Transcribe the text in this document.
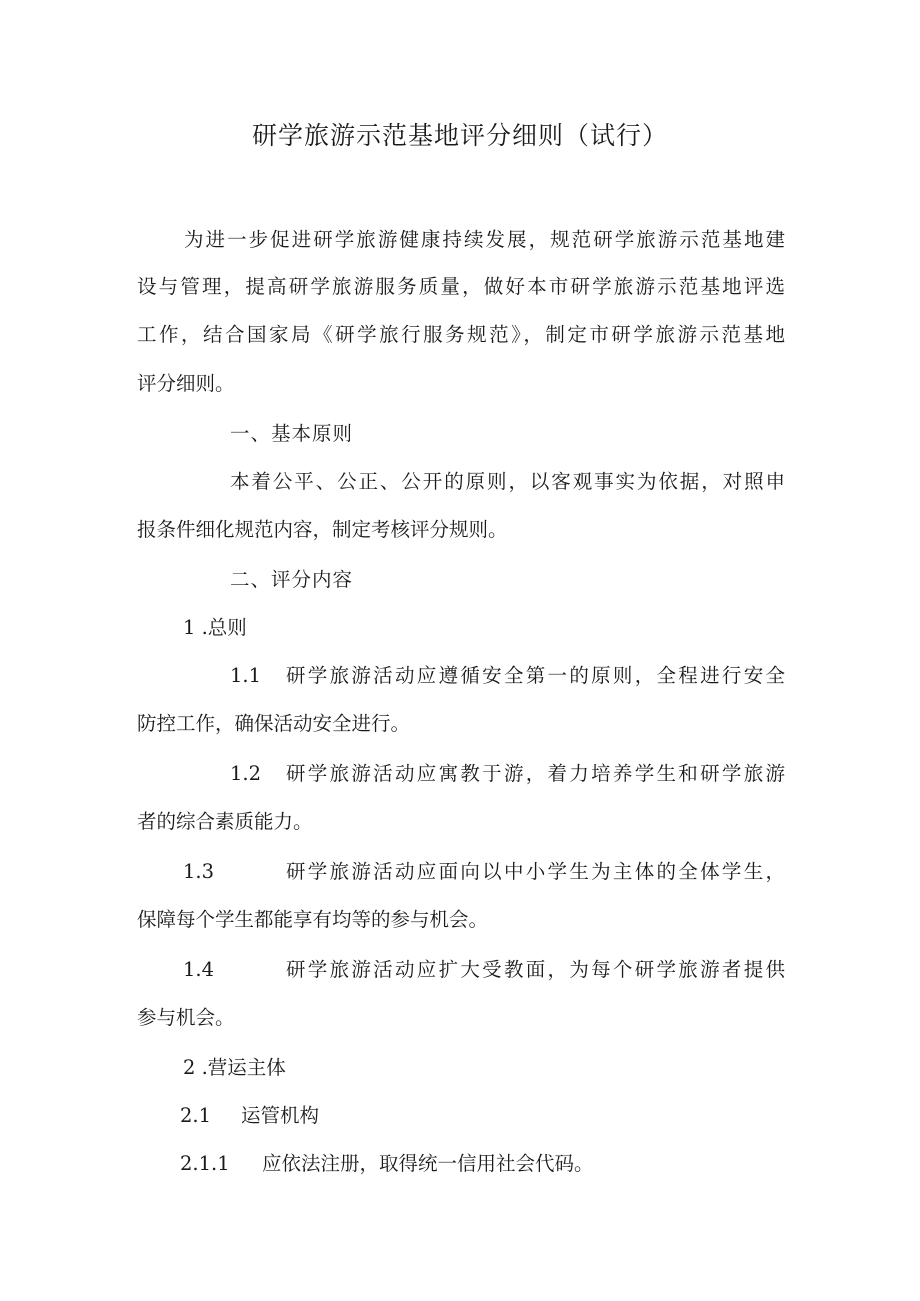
研学旅游示范基地评分细则（试行）
为进一步促进研学旅游健康持续发展，规范研学旅游示范基地建
设与管理，提高研学旅游服务质量，做好本市研学旅游示范基地评选
工作，结合国家局《研学旅行服务规范》，制定市研学旅游示范基地
评分细则。
一、基本原则
本着公平、公正、公开的原则，以客观事实为依据，对照申
报条件细化规范内容，制定考核评分规则。
二、评分内容
1 .总则
1.1 研学旅游活动应遵循安全第一的原则，全程进行安全
防控工作，确保活动安全进行。
1.2 研学旅游活动应寓教于游，着力培养学生和研学旅游
者的综合素质能力。
1.3	研学旅游活动应面向以中小学生为主体的全体学生，
保障每个学生都能享有均等的参与机会。
1.4	研学旅游活动应扩大受教面，为每个研学旅游者提供
参与机会。
2 .营运主体
2.1 运管机构
2.1.1 应依法注册，取得统一信用社会代码。
